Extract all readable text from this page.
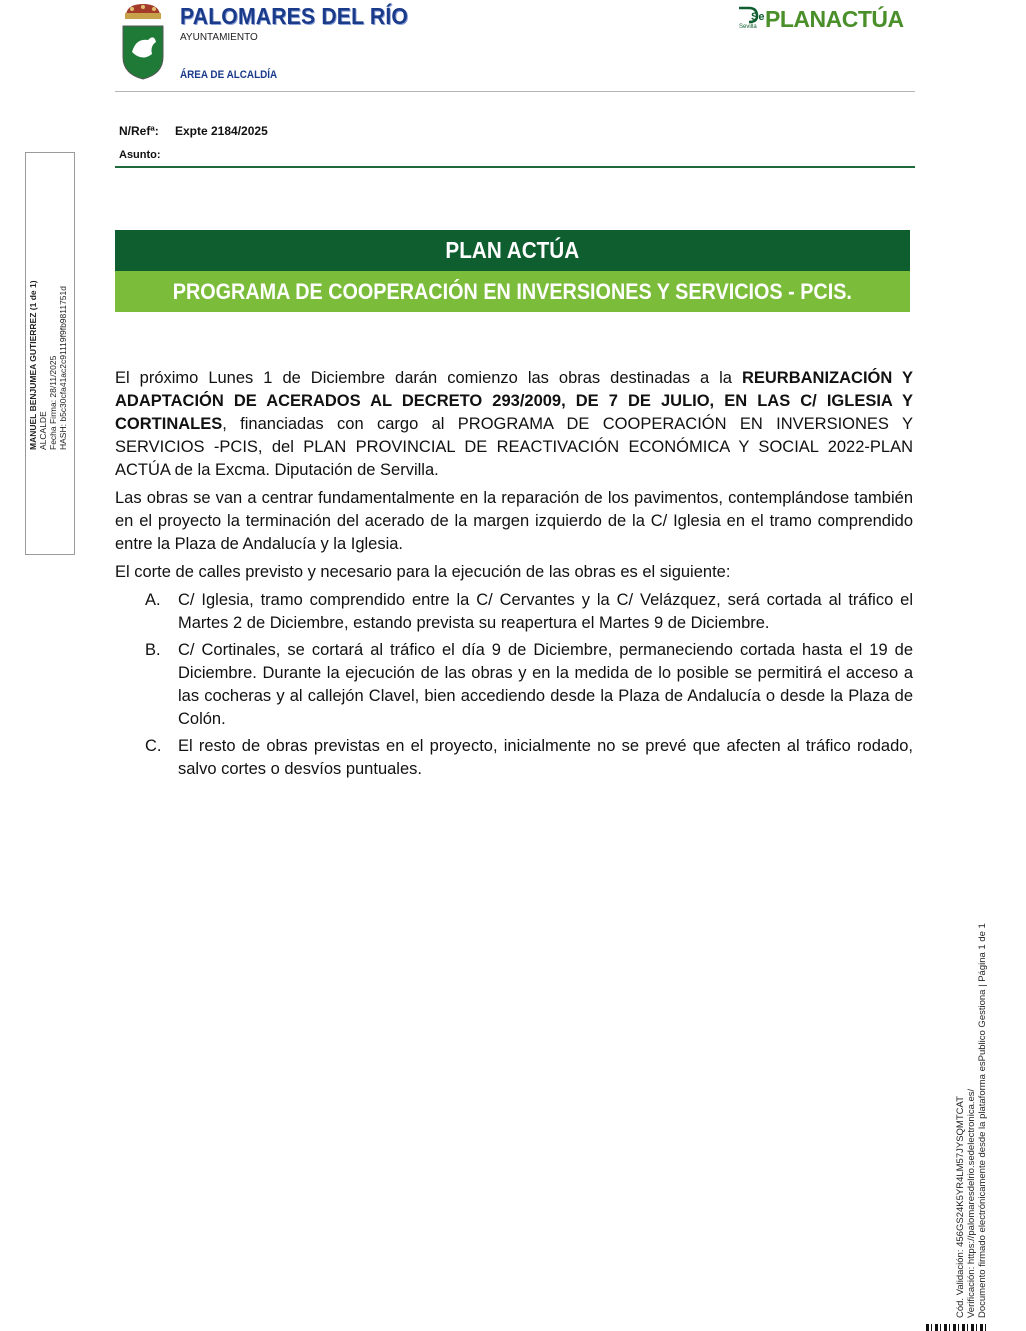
PALOMARES DEL RÍO
AYUNTAMIENTO
ÁREA DE ALCALDÍA
Se
Sevilla PLANACTÚA
N/Refª: Expte 2184/2025
Asunto:
PLAN ACTÚA
PROGRAMA DE COOPERACIÓN EN INVERSIONES Y SERVICIOS - PCIS.

El próximo Lunes 1 de Diciembre darán comienzo las obras destinadas a la REURBANIZACIÓN Y ADAPTACIÓN DE ACERADOS AL DECRETO 293/2009, DE 7 DE JULIO, EN LAS C/ IGLESIA Y CORTINALES, financiadas con cargo al PROGRAMA DE COOPERACIÓN EN INVERSIONES Y SERVICIOS -PCIS, del PLAN PROVINCIAL DE REACTIVACIÓN ECONÓMICA Y SOCIAL 2022-PLAN ACTÚA de la Excma. Diputación de Servilla.

Las obras se van a centrar fundamentalmente en la reparación de los pavimentos, contemplándose también en el proyecto la terminación del acerado de la margen izquierdo de la C/ Iglesia en el tramo comprendido entre la Plaza de Andalucía y la Iglesia.

El corte de calles previsto y necesario para la ejecución de las obras es el siguiente:

A.	C/ Iglesia, tramo comprendido entre la C/ Cervantes y la C/ Velázquez, será cortada al tráfico el Martes 2 de Diciembre, estando prevista su reapertura el Martes 9 de Diciembre.
B.	C/ Cortinales, se cortará al tráfico el día 9 de Diciembre, permaneciendo cortada hasta el 19 de Diciembre. Durante la ejecución de las obras y en la medida de lo posible se permitirá el acceso a las cocheras y al callejón Clavel, bien accediendo desde la Plaza de Andalucía o desde la Plaza de Colón.
C.	El resto de obras previstas en el proyecto, inicialmente no se prevé que afecten al tráfico rodado, salvo cortes o desvíos puntuales.
MANUEL BENJUMEA GUTIERREZ (1 de 1) ALCALDE Fecha Firma: 28/11/2025 HASH: b5c30cfa41ac2c91119f9fb9811751d
Cód. Validación: 456GS24K5YR4LM57JYSQMTCAT Verificación: https://palomaresdelrio.sedelectronica.es/ Documento firmado electrónicamente desde la plataforma esPublico Gestiona | Página 1 de 1
